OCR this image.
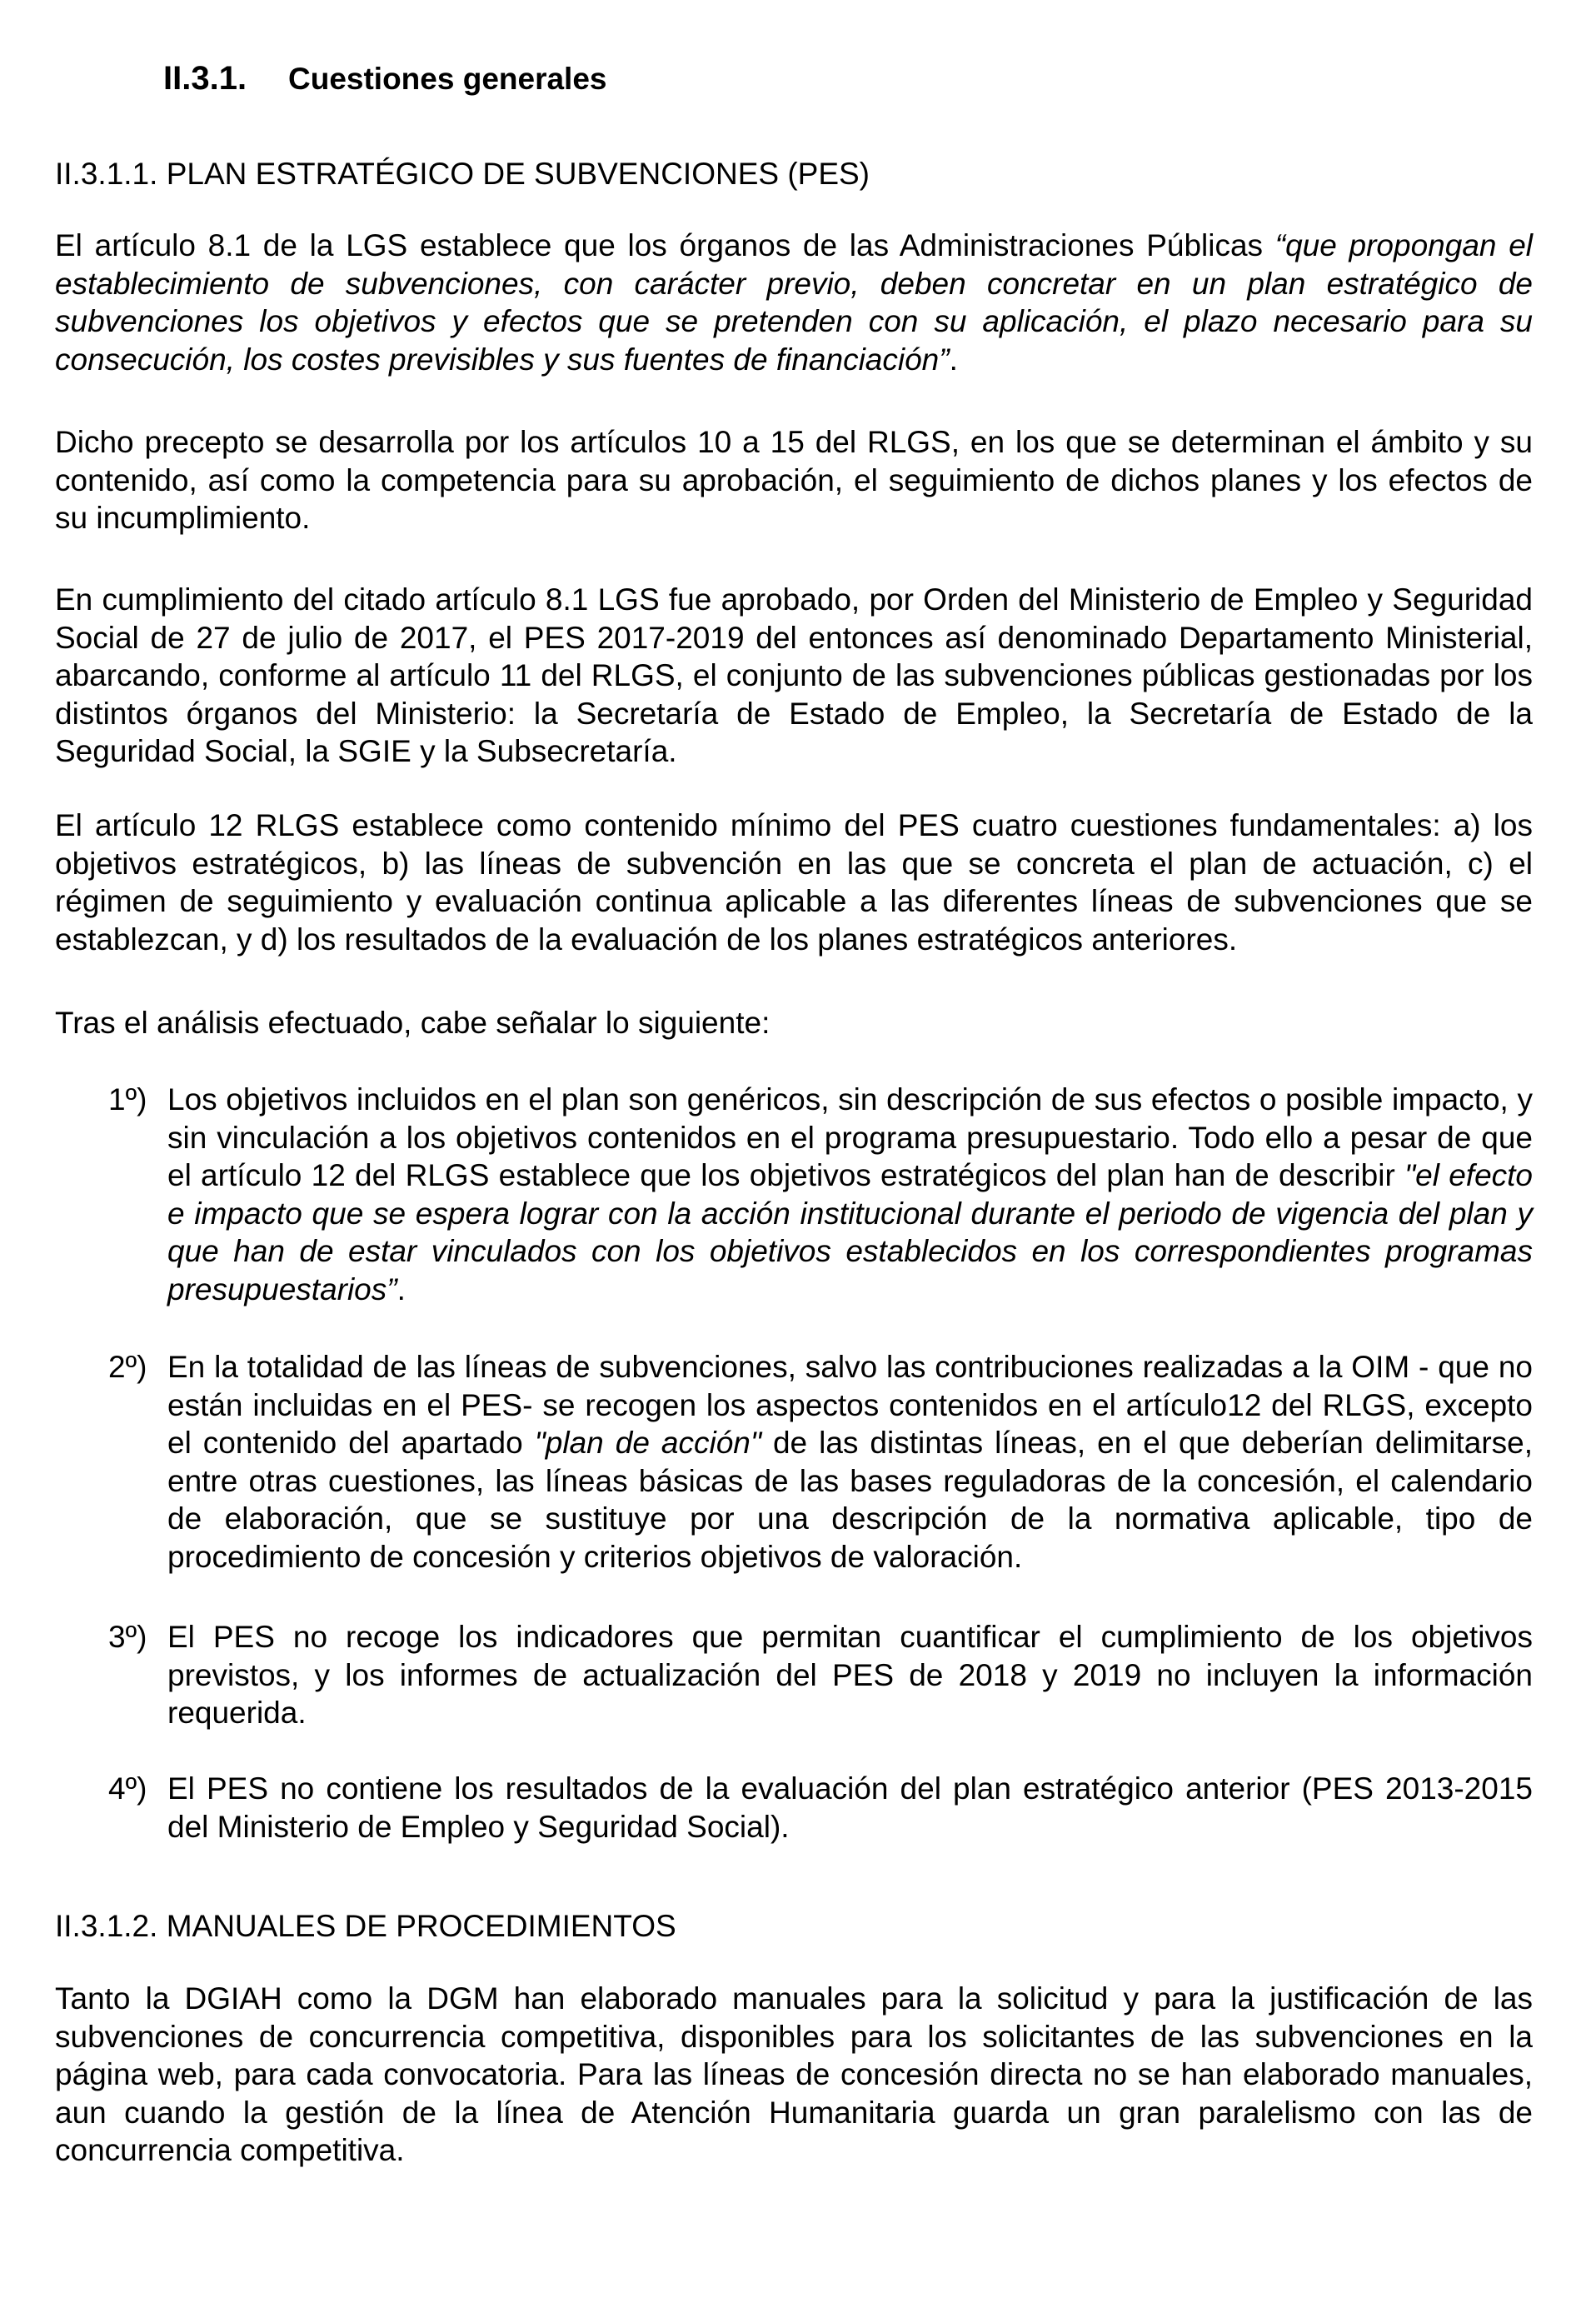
II.3.1. Cuestiones generales
II.3.1.1. PLAN ESTRATÉGICO DE SUBVENCIONES (PES)
El artículo 8.1 de la LGS establece que los órganos de las Administraciones Públicas “que propongan el establecimiento de subvenciones, con carácter previo, deben concretar en un plan estratégico de subvenciones los objetivos y efectos que se pretenden con su aplicación, el plazo necesario para su consecución, los costes previsibles y sus fuentes de financiación”.
Dicho precepto se desarrolla por los artículos 10 a 15 del RLGS, en los que se determinan el ámbito y su contenido, así como la competencia para su aprobación, el seguimiento de dichos planes y los efectos de su incumplimiento.
En cumplimiento del citado artículo 8.1 LGS fue aprobado, por Orden del Ministerio de Empleo y Seguridad Social de 27 de julio de 2017, el PES 2017-2019 del entonces así denominado Departamento Ministerial, abarcando, conforme al artículo 11 del RLGS, el conjunto de las subvenciones públicas gestionadas por los distintos órganos del Ministerio: la Secretaría de Estado de Empleo, la Secretaría de Estado de la Seguridad Social, la SGIE y la Subsecretaría.
El artículo 12 RLGS establece como contenido mínimo del PES cuatro cuestiones fundamentales: a) los objetivos estratégicos, b) las líneas de subvención en las que se concreta el plan de actuación, c) el régimen de seguimiento y evaluación continua aplicable a las diferentes líneas de subvenciones que se establezcan, y d) los resultados de la evaluación de los planes estratégicos anteriores.
Tras el análisis efectuado, cabe señalar lo siguiente:
1º) Los objetivos incluidos en el plan son genéricos, sin descripción de sus efectos o posible impacto, y sin vinculación a los objetivos contenidos en el programa presupuestario. Todo ello a pesar de que el artículo 12 del RLGS establece que los objetivos estratégicos del plan han de describir "el efecto e impacto que se espera lograr con la acción institucional durante el periodo de vigencia del plan y que han de estar vinculados con los objetivos establecidos en los correspondientes programas presupuestarios”.
2º) En la totalidad de las líneas de subvenciones, salvo las contribuciones realizadas a la OIM - que no están incluidas en el PES- se recogen los aspectos contenidos en el artículo12 del RLGS, excepto el contenido del apartado "plan de acción" de las distintas líneas, en el que deberían delimitarse, entre otras cuestiones, las líneas básicas de las bases reguladoras de la concesión, el calendario de elaboración, que se sustituye por una descripción de la normativa aplicable, tipo de procedimiento de concesión y criterios objetivos de valoración.
3º) El PES no recoge los indicadores que permitan cuantificar el cumplimiento de los objetivos previstos, y los informes de actualización del PES de 2018 y 2019 no incluyen la información requerida.
4º) El PES no contiene los resultados de la evaluación del plan estratégico anterior (PES 2013-2015 del Ministerio de Empleo y Seguridad Social).
II.3.1.2. MANUALES DE PROCEDIMIENTOS
Tanto la DGIAH como la DGM han elaborado manuales para la solicitud y para la justificación de las subvenciones de concurrencia competitiva, disponibles para los solicitantes de las subvenciones en la página web, para cada convocatoria. Para las líneas de concesión directa no se han elaborado manuales, aun cuando la gestión de la línea de Atención Humanitaria guarda un gran paralelismo con las de concurrencia competitiva.
